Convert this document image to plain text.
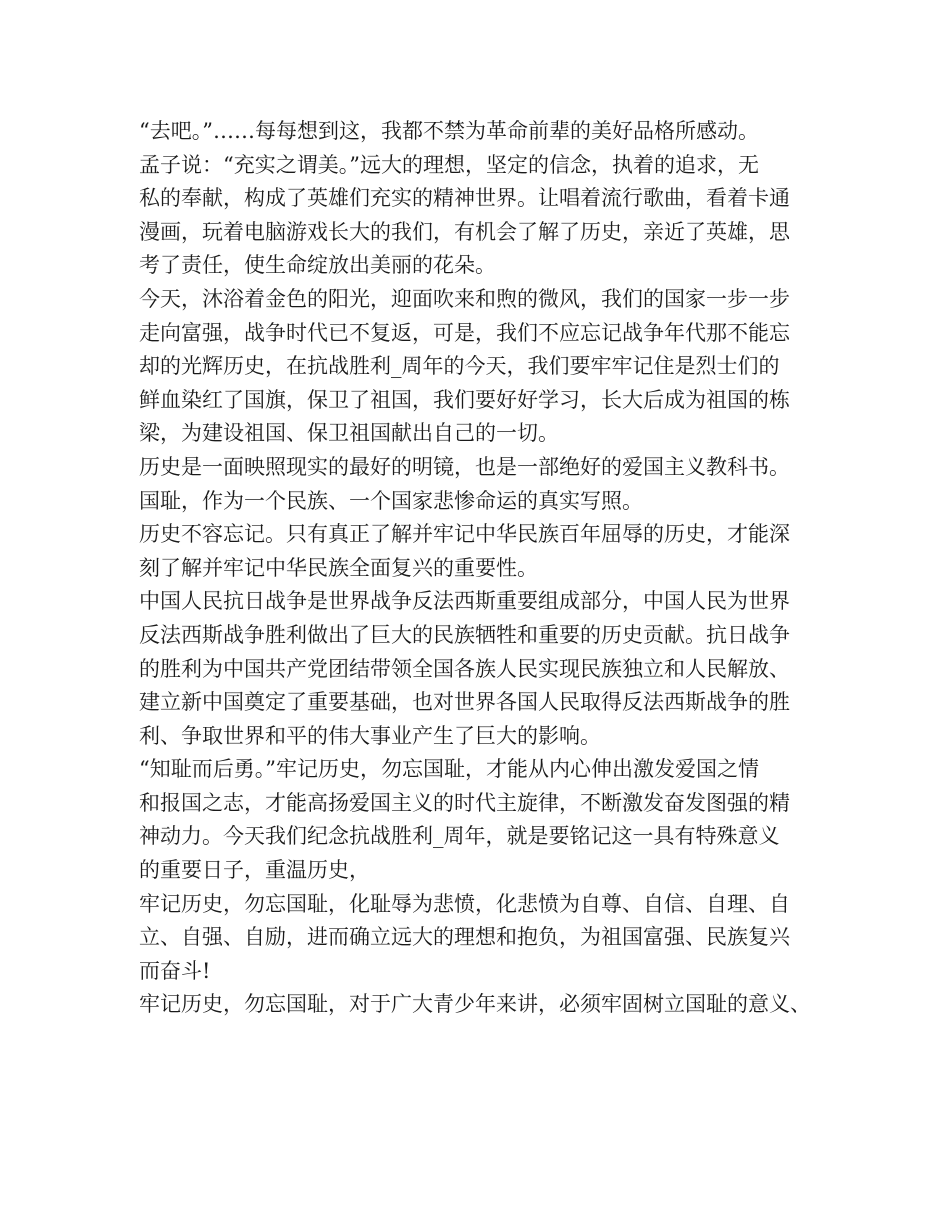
“去吧。”……每每想到这，我都不禁为革命前辈的美好品格所感动。
孟子说：“充实之谓美。”远大的理想，坚定的信念，执着的追求，无
私的奉献，构成了英雄们充实的精神世界。让唱着流行歌曲，看着卡通
漫画，玩着电脑游戏长大的我们，有机会了解了历史，亲近了英雄，思
考了责任，使生命绽放出美丽的花朵。
今天，沐浴着金色的阳光，迎面吹来和煦的微风，我们的国家一步一步
走向富强，战争时代已不复返，可是，我们不应忘记战争年代那不能忘
却的光辉历史，在抗战胜利_周年的今天，我们要牢牢记住是烈士们的
鲜血染红了国旗，保卫了祖国，我们要好好学习，长大后成为祖国的栋
梁，为建设祖国、保卫祖国献出自己的一切。
历史是一面映照现实的最好的明镜，也是一部绝好的爱国主义教科书。
国耻，作为一个民族、一个国家悲惨命运的真实写照。
历史不容忘记。只有真正了解并牢记中华民族百年屈辱的历史，才能深
刻了解并牢记中华民族全面复兴的重要性。
中国人民抗日战争是世界战争反法西斯重要组成部分，中国人民为世界
反法西斯战争胜利做出了巨大的民族牺牲和重要的历史贡献。抗日战争
的胜利为中国共产党团结带领全国各族人民实现民族独立和人民解放、
建立新中国奠定了重要基础，也对世界各国人民取得反法西斯战争的胜
利、争取世界和平的伟大事业产生了巨大的影响。
“知耻而后勇。”牢记历史，勿忘国耻，才能从内心伸出激发爱国之情
和报国之志，才能高扬爱国主义的时代主旋律，不断激发奋发图强的精
神动力。今天我们纪念抗战胜利_周年，就是要铭记这一具有特殊意义
的重要日子，重温历史，
牢记历史，勿忘国耻，化耻辱为悲愤，化悲愤为自尊、自信、自理、自
立、自强、自励，进而确立远大的理想和抱负，为祖国富强、民族复兴
而奋斗!
牢记历史，勿忘国耻，对于广大青少年来讲，必须牢固树立国耻的意义、
